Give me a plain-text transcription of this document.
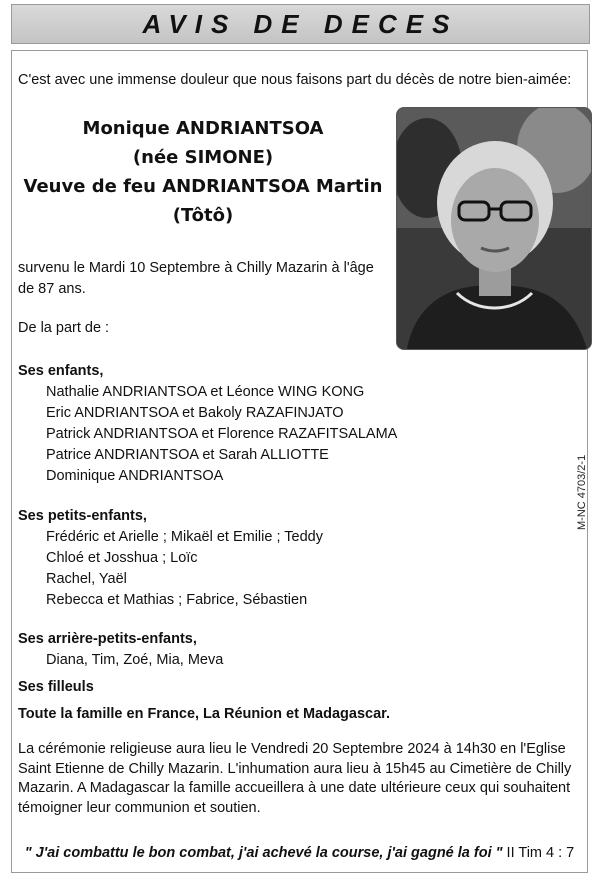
AVIS DE DECES
C'est avec une immense douleur que nous faisons part du décès de notre bien-aimée:
Monique ANDRIANTSOA
(née SIMONE)
Veuve de feu ANDRIANTSOA Martin
(Tôtô)
survenu le Mardi 10 Septembre à Chilly Mazarin à l'âge de 87 ans.
De la part de :
Ses enfants,
Nathalie ANDRIANTSOA et Léonce WING KONG
Eric ANDRIANTSOA et Bakoly RAZAFINJATO
Patrick ANDRIANTSOA et Florence RAZAFITSALAMA
Patrice ANDRIANTSOA et Sarah ALLIOTTE
Dominique ANDRIANTSOA
Ses petits-enfants,
Frédéric et Arielle ; Mikaël et Emilie ; Teddy
Chloé et Josshua ; Loïc
Rachel, Yaël
Rebecca et Mathias ; Fabrice, Sébastien
Ses arrière-petits-enfants,
Diana, Tim, Zoé, Mia, Meva
Ses filleuls
Toute la famille en France, La Réunion et Madagascar.
La cérémonie religieuse aura lieu le Vendredi 20 Septembre 2024 à 14h30 en l'Eglise Saint Etienne de Chilly Mazarin. L'inhumation aura lieu à 15h45 au Cimetière de Chilly Mazarin. A Madagascar la famille accueillera à une date ultérieure ceux qui souhaitent témoigner leur communion et soutien.
M-NC 4703/2-1
" J'ai combattu le bon combat, j'ai achevé la course, j'ai gagné la foi " II Tim 4 : 7
